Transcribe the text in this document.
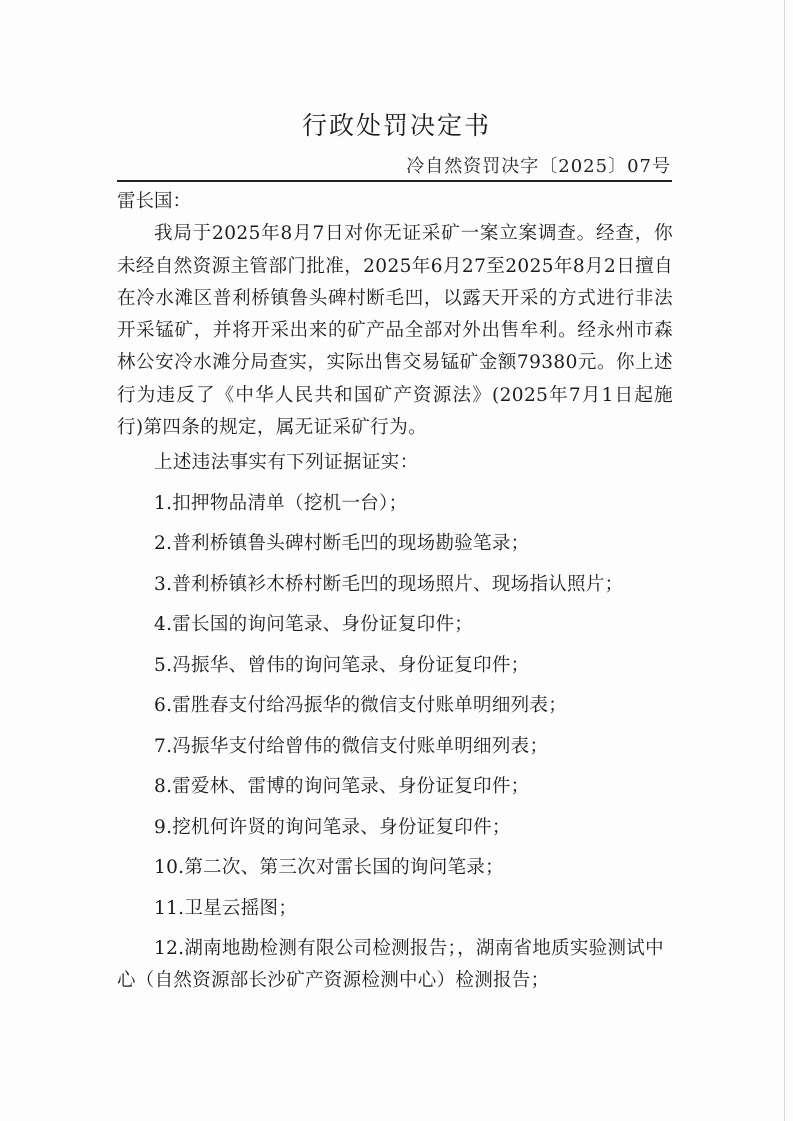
行政处罚决定书
冷自然资罚决字〔2025〕07号

雷长国：

我局于2025年8月7日对你无证采矿一案立案调查。经查，你未经自然资源主管部门批准，2025年6月27至2025年8月2日擅自在冷水滩区普利桥镇鲁头碑村断毛凹，以露天开采的方式进行非法开采锰矿，并将开采出来的矿产品全部对外出售牟利。经永州市森林公安冷水滩分局查实，实际出售交易锰矿金额79380元。你上述行为违反了《中华人民共和国矿产资源法》(2025年7月1日起施行)第四条的规定，属无证采矿行为。

上述违法事实有下列证据证实：

1.扣押物品清单（挖机一台）；
2.普利桥镇鲁头碑村断毛凹的现场勘验笔录；
3.普利桥镇衫木桥村断毛凹的现场照片、现场指认照片；
4.雷长国的询问笔录、身份证复印件；
5.冯振华、曾伟的询问笔录、身份证复印件；
6.雷胜春支付给冯振华的微信支付账单明细列表；
7.冯振华支付给曾伟的微信支付账单明细列表；
8.雷爱林、雷博的询问笔录、身份证复印件；
9.挖机何许贤的询问笔录、身份证复印件；
10.第二次、第三次对雷长国的询问笔录；
11.卫星云摇图；
12.湖南地勘检测有限公司检测报告；，湖南省地质实验测试中心（自然资源部长沙矿产资源检测中心）检测报告；
